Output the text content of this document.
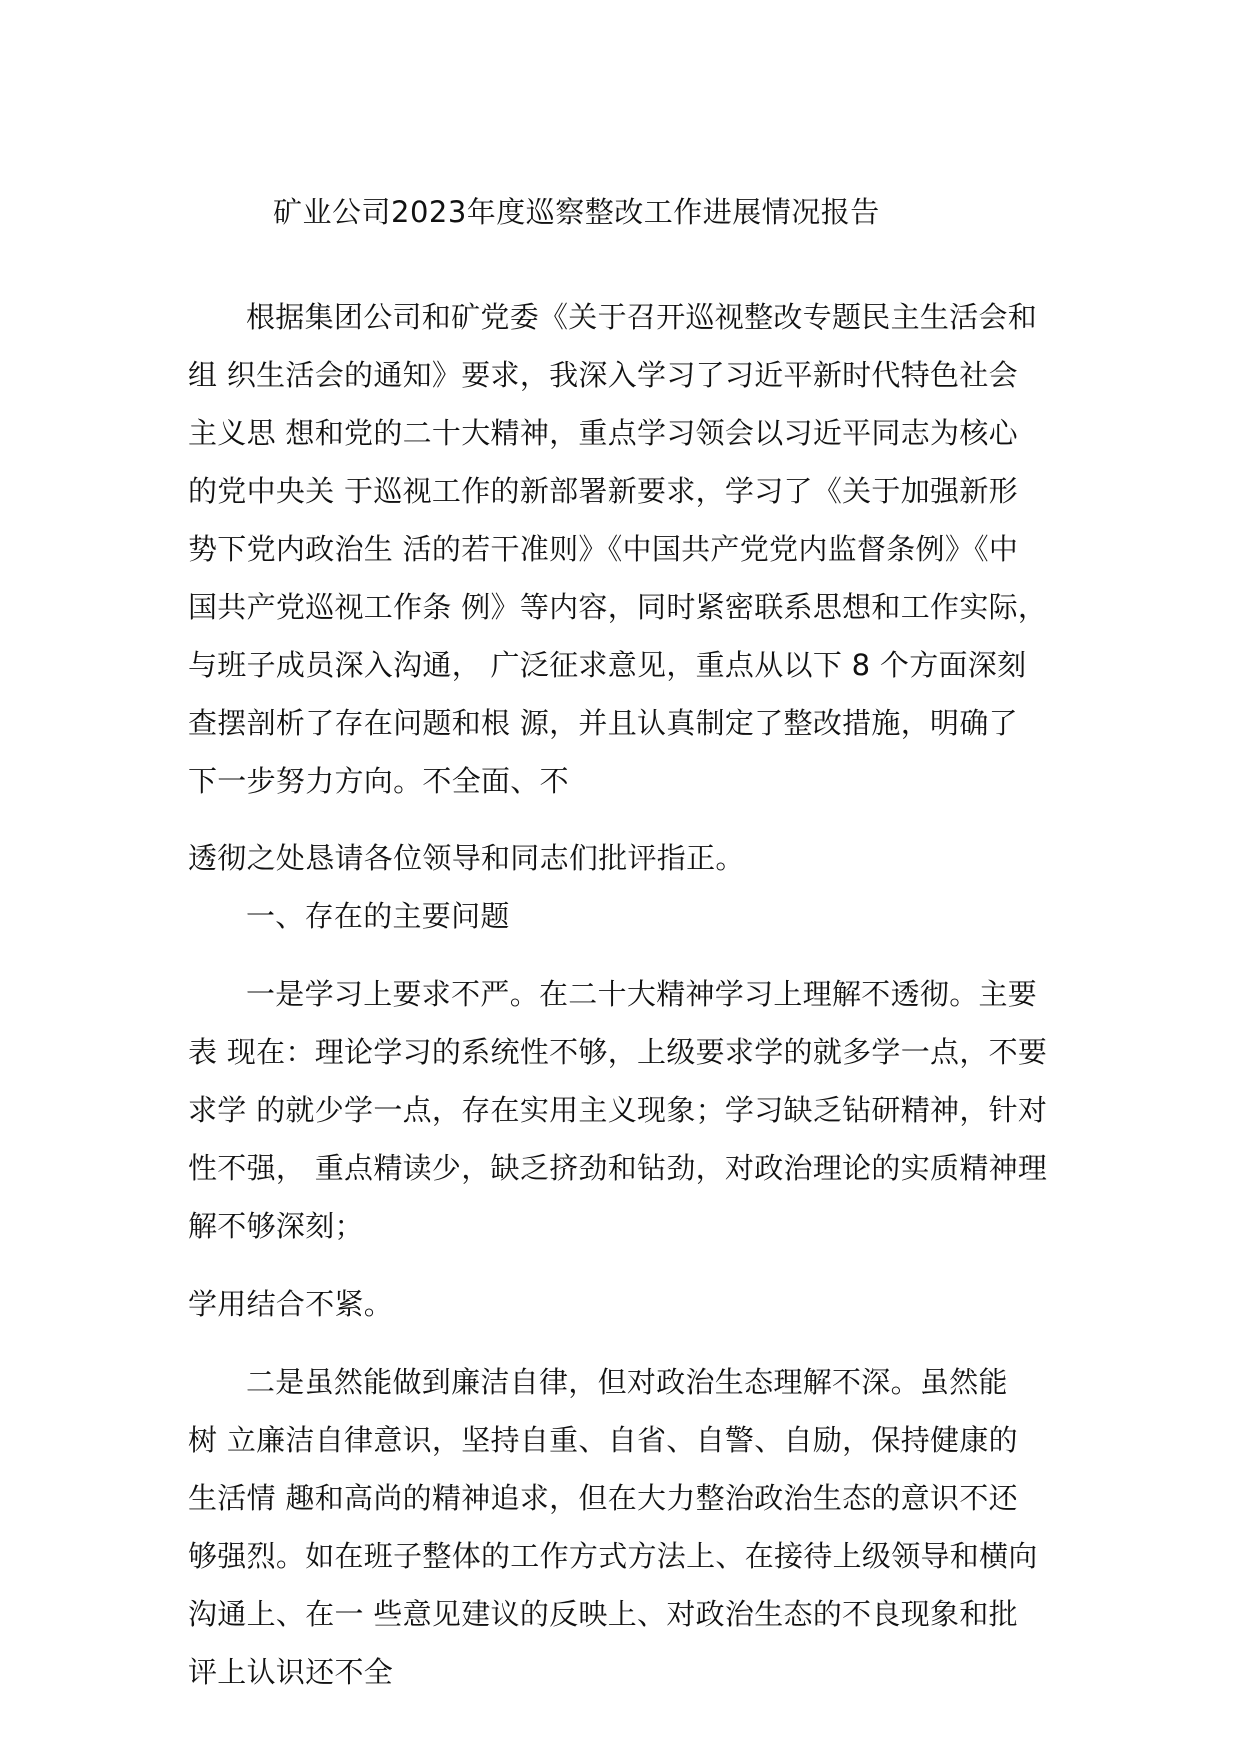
矿业公司2023年度巡察整改工作进展情况报告
根据集团公司和矿党委《关于召开巡视整改专题民主生活会和
组 织生活会的通知》要求，我深入学习了习近平新时代特色社会
主义思 想和党的二十大精神，重点学习领会以习近平同志为核心
的党中央关 于巡视工作的新部署新要求，学习了《关于加强新形
势下党内政治生 活的若干准则》《中国共产党党内监督条例》《中
国共产党巡视工作条 例》等内容，同时紧密联系思想和工作实际，
与班子成员深入沟通， 广泛征求意见，重点从以下 8 个方面深刻
查摆剖析了存在问题和根 源，并且认真制定了整改措施，明确了
下一步努力方向。不全面、不
透彻之处恳请各位领导和同志们批评指正。
一、存在的主要问题
一是学习上要求不严。在二十大精神学习上理解不透彻。主要
表 现在：理论学习的系统性不够，上级要求学的就多学一点，不要
求学 的就少学一点，存在实用主义现象；学习缺乏钻研精神，针对
性不强， 重点精读少，缺乏挤劲和钻劲，对政治理论的实质精神理
解不够深刻；
学用结合不紧。
二是虽然能做到廉洁自律，但对政治生态理解不深。虽然能
树 立廉洁自律意识，坚持自重、自省、自警、自励，保持健康的
生活情 趣和高尚的精神追求，但在大力整治政治生态的意识不还
够强烈。如在班子整体的工作方式方法上、在接待上级领导和横向
沟通上、在一 些意见建议的反映上、对政治生态的不良现象和批
评上认识还不全
